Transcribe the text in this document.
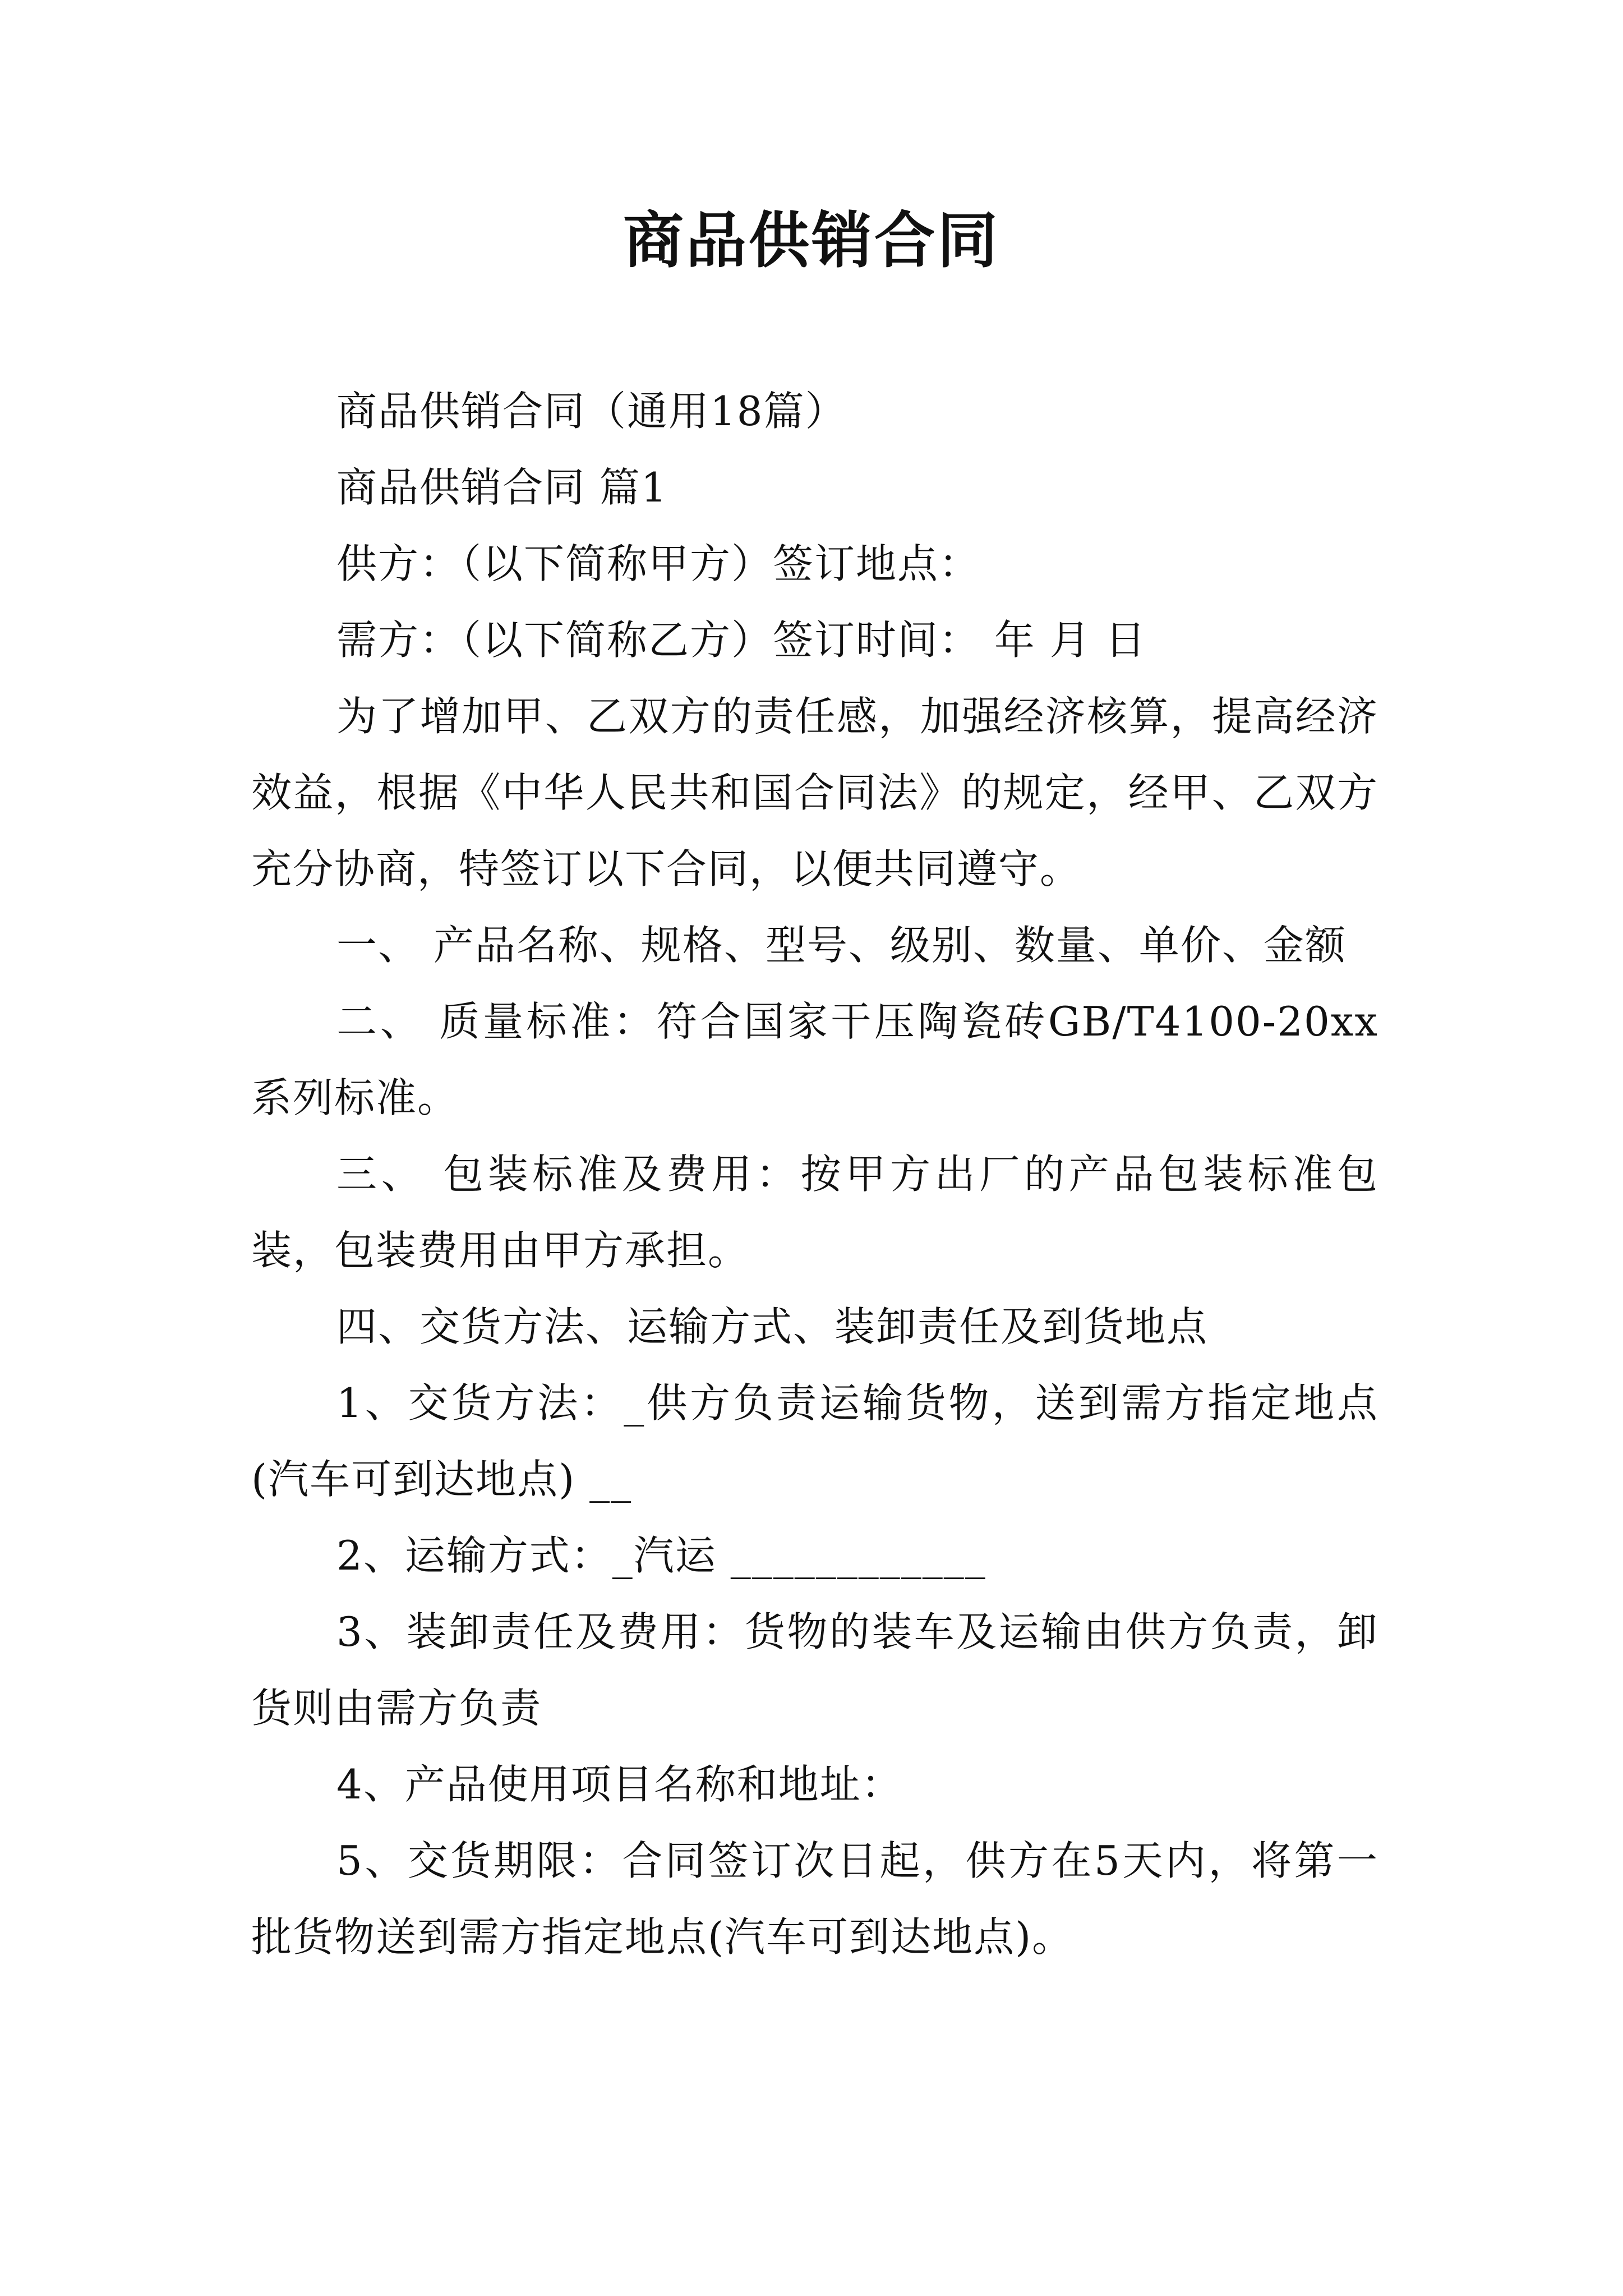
商品供销合同

商品供销合同（通用18篇）

商品供销合同 篇1

供方：（以下简称甲方）签订地点：

需方：（以下简称乙方）签订时间： 年 月 日

为了增加甲、乙双方的责任感，加强经济核算，提高经济效益，根据《中华人民共和国合同法》的规定，经甲、乙双方充分协商，特签订以下合同，以便共同遵守。

一、 产品名称、规格、型号、级别、数量、单价、金额

二、 质量标准：符合国家干压陶瓷砖GB/T4100-20xx系列标准。

三、 包装标准及费用：按甲方出厂的产品包装标准包装，包装费用由甲方承担。

四、交货方法、运输方式、装卸责任及到货地点

1、交货方法：_供方负责运输货物，送到需方指定地点(汽车可到达地点) __

2、运输方式：_汽运 ____________

3、装卸责任及费用：货物的装车及运输由供方负责，卸货则由需方负责

4、产品使用项目名称和地址：

5、交货期限：合同签订次日起，供方在5天内，将第一批货物送到需方指定地点(汽车可到达地点)。
